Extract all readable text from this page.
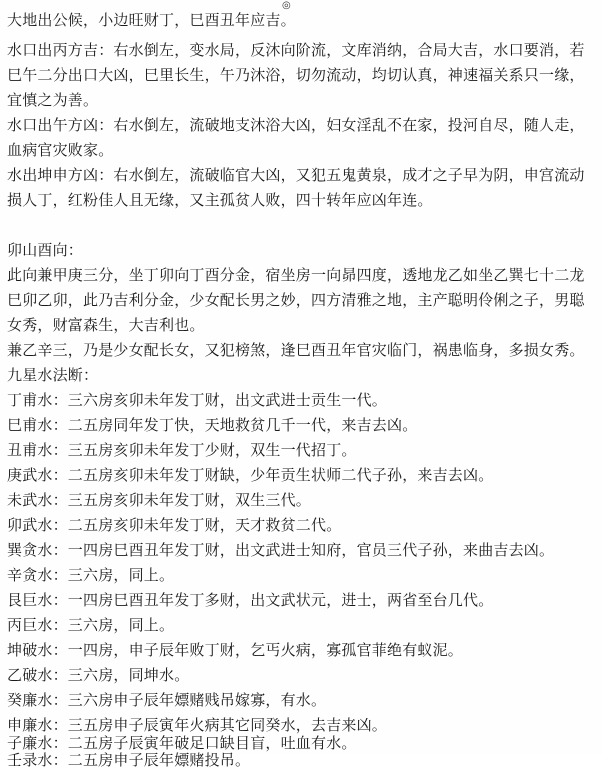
◎
大地出公候，小边旺财丁，巳酉丑年应吉。
水口出丙方吉：右水倒左，变水局，反沐向阶流，文库消纳，合局大吉，水口要消，若
巳午二分出口大凶，巳里长生，午乃沐浴，切勿流动，均切认真，神速福关系只一缘，
宜慎之为善。
水口出午方凶：右水倒左，流破地支沐浴大凶，妇女淫乱不在家，投河自尽，随人走，
血病官灾败家。
水出坤申方凶：右水倒左，流破临官大凶，又犯五鬼黄泉，成才之子早为阴，申宫流动
损人丁，红粉佳人且无缘，又主孤贫人败，四十转年应凶年连。
卯山酉向：
此向兼甲庚三分，坐丁卯向丁酉分金，宿坐房一向昴四度，透地龙乙如坐乙巽七十二龙
巳卯乙卯，此乃吉利分金，少女配长男之妙，四方清雅之地，主产聪明伶俐之子，男聪
女秀，财富森生，大吉利也。
兼乙辛三，乃是少女配长女，又犯榜煞，逢巳酉丑年官灾临门，祸患临身，多损女秀。
九星水法断：
丁甫水：三六房亥卯未年发丁财，出文武进士贡生一代。
巳甫水：二五房同年发丁快，天地救贫几千一代，来吉去凶。
丑甫水：三五房亥卯未年发丁少财，双生一代招丁。
庚武水：二五房亥卯未年发丁财缺，少年贡生状师二代子孙，来吉去凶。
未武水：三五房亥卯未年发丁财，双生三代。
卯武水：二五房亥卯未年发丁财，天才救贫二代。
巽贪水：一四房巳酉丑年发丁财，出文武进士知府，官员三代子孙，来曲吉去凶。
辛贪水：三六房，同上。
艮巨水：一四房巳酉丑年发丁多财，出文武状元，进士，两省至台几代。
丙巨水：三六房，同上。
坤破水：一四房，申子辰年败丁财，乞丐火病，寡孤官菲绝有蚁泥。
乙破水：三六房，同坤水。
癸廉水：三六房申子辰年嫖赌贱吊嫁寡，有水。
申廉水：三五房申子辰寅年火病其它同癸水，去吉来凶。
子廉水：二五房子辰寅年破足口缺目盲，吐血有水。
壬录水：二五房申子辰年嫖赌投吊。
